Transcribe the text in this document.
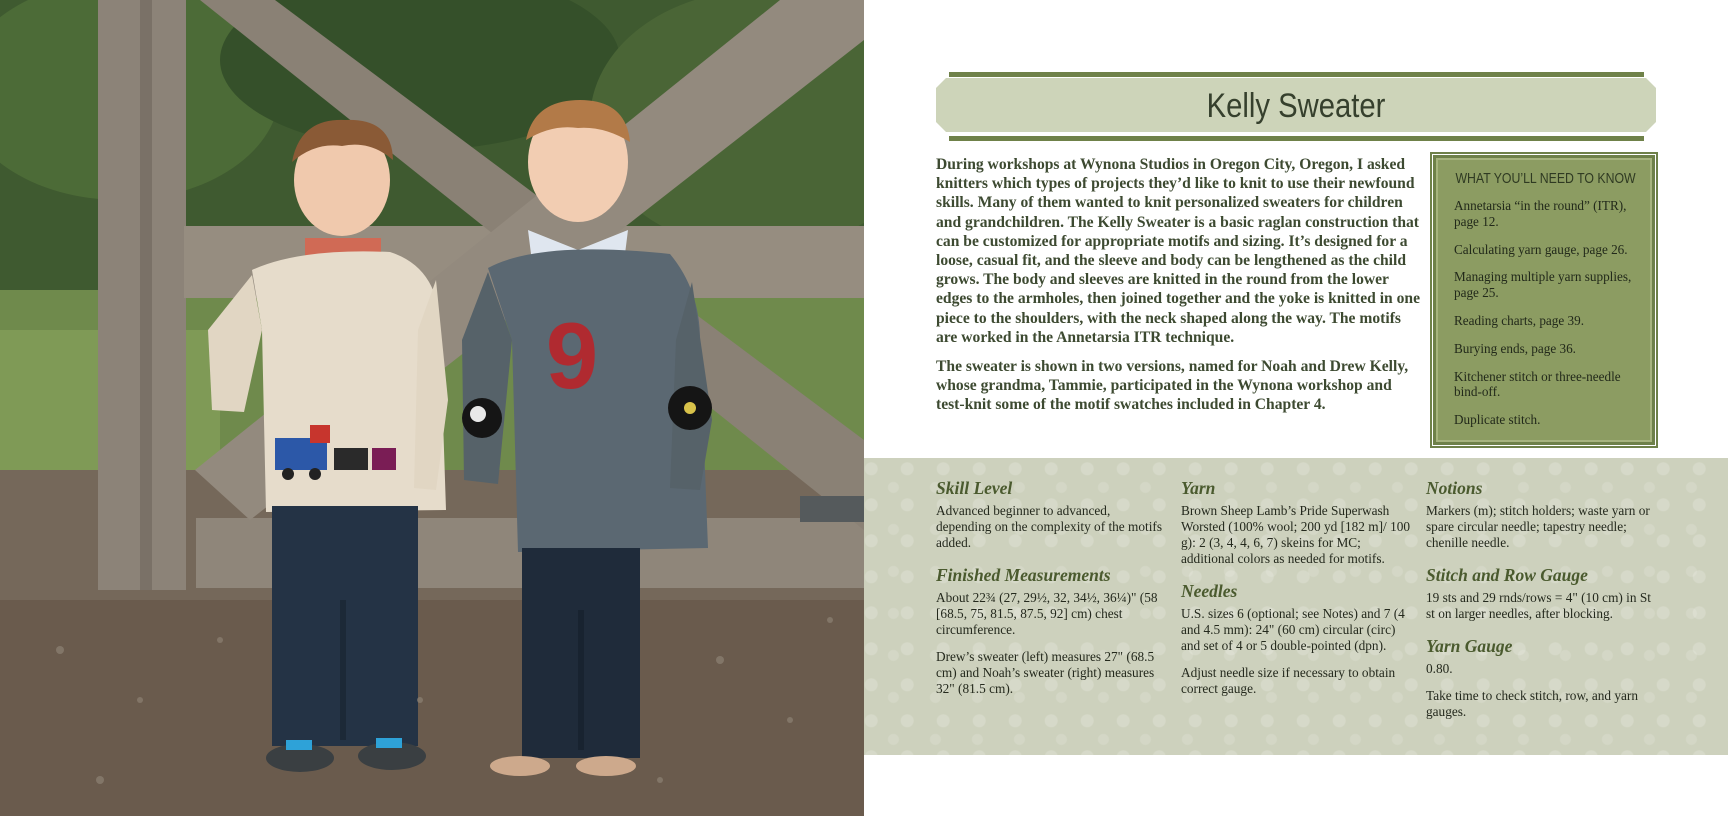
9
Kelly Sweater

During workshops at Wynona Studios in Oregon City, Oregon, I asked knitters which types of projects they’d like to knit to use their newfound skills. Many of them wanted to knit personalized sweaters for children and grandchildren. The Kelly Sweater is a basic raglan construction that can be customized for appropriate motifs and sizing. It’s designed for a loose, casual fit, and the sleeve and body can be lengthened as the child grows. The body and sleeves are knitted in the round from the lower edges to the armholes, then joined together and the yoke is knitted in one piece to the shoulders, with the neck shaped along the way. The motifs are worked in the Annetarsia ITR technique.

The sweater is shown in two versions, named for Noah and Drew Kelly, whose grandma, Tammie, participated in the Wynona workshop and test-knit some of the motif swatches included in Chapter 4.

WHAT YOU’LL NEED TO KNOW
Annetarsia “in the round” (ITR), page 12.
Calculating yarn gauge, page 26.
Managing multiple yarn supplies, page 25.
Reading charts, page 39.
Burying ends, page 36.
Kitchener stitch or three-needle bind-off.
Duplicate stitch.
Skill Level

Advanced beginner to advanced, depending on the complexity of the motifs added.

Finished Measurements

About 22¾ (27, 29½, 32, 34½, 36¼)" (58 [68.5, 75, 81.5, 87.5, 92] cm) chest circumference.

Drew’s sweater (left) measures 27" (68.5 cm) and Noah’s sweater (right) measures 32" (81.5 cm).

Yarn

Brown Sheep Lamb’s Pride Superwash Worsted (100% wool; 200 yd [182 m]/ 100 g): 2 (3, 4, 4, 6, 7) skeins for MC; additional colors as needed for motifs.

Needles

U.S. sizes 6 (optional; see Notes) and 7 (4 and 4.5 mm): 24" (60 cm) circular (circ) and set of 4 or 5 double-pointed (dpn).

Adjust needle size if necessary to obtain correct gauge.

Notions

Markers (m); stitch holders; waste yarn or spare circular needle; tapestry needle; chenille needle.

Stitch and Row Gauge

19 sts and 29 rnds/rows = 4" (10 cm) in St st on larger needles, after blocking.

Yarn Gauge

0.80.

Take time to check stitch, row, and yarn gauges.
